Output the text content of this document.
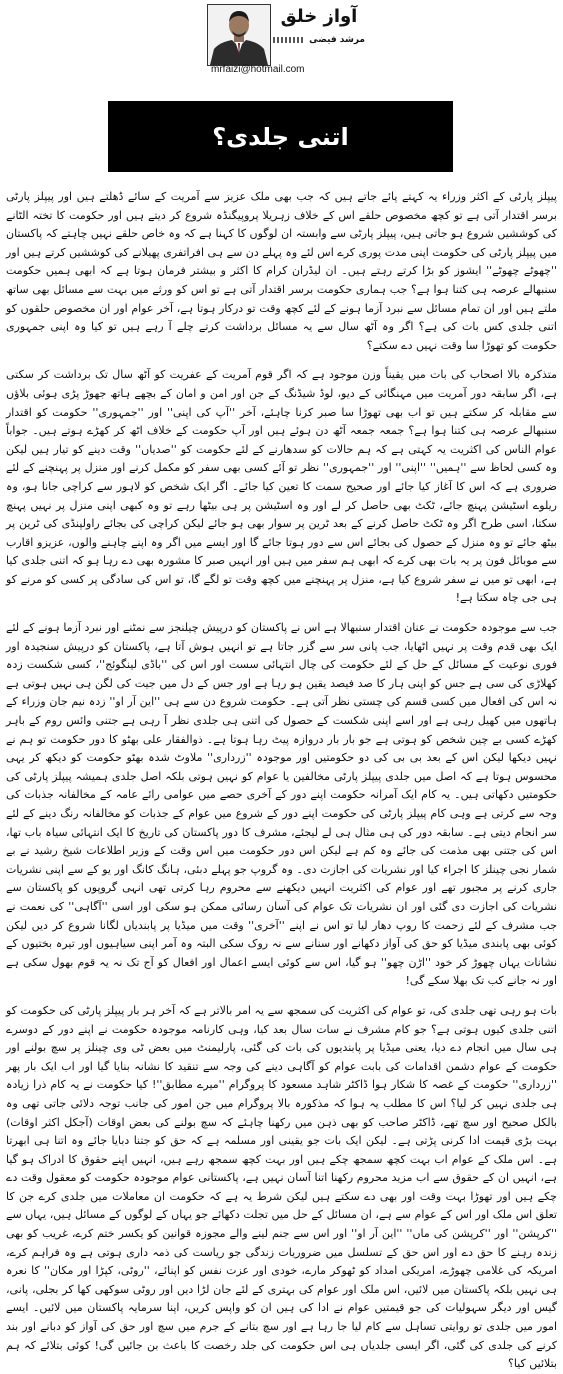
آواز خلق
مرشد فیضی
mrfaizi@hotmail.com
اتنی جلدی؟

پیپلز پارٹی کے اکثر وزراء یہ کہتے پائے جاتے ہیں کہ جب بھی ملک عزیز سے آمریت کے سائے ڈھلتے ہیں اور پیپلز پارٹی برسر اقتدار آتی ہے تو کچھ مخصوص حلقے اس کے خلاف زہریلا پروپیگنڈہ شروع کر دیتے ہیں اور حکومت کا تختہ الٹانے کی کوششیں شروع ہو جاتی ہیں، پیپلز پارٹی سے وابستہ ان لوگوں کا کہنا ہے کہ وہ خاص حلقے نہیں چاہتے کہ پاکستان میں پیپلز پارٹی کی حکومت اپنی مدت پوری کرے اس لئے وہ پہلے دن سے ہی افراتفری پھیلانے کی کوششیں کرتے ہیں اور ''چھوٹے چھوٹے'' ایشوز کو بڑا کرتے رہتے ہیں۔ ان لیڈران کرام کا اکثر و بیشتر فرمان ہوتا ہے کہ ابھی ہمیں حکومت سنبھالے عرصہ ہی کتنا ہوا ہے؟ جب ہماری حکومت برسر اقتدار آتی ہے تو اس کو ورثے میں بہت سے مسائل بھی ساتھ ملتے ہیں اور ان تمام مسائل سے نبرد آزما ہونے کے لئے کچھ وقت تو درکار ہوتا ہے، آخر عوام اور ان مخصوص حلقوں کو اتنی جلدی کس بات کی ہے؟ اگر وہ آٹھ سال سے یہ مسائل برداشت کرتے چلے آ رہے ہیں تو کیا وہ اپنی جمہوری حکومت کو تھوڑا سا وقت نہیں دے سکتے؟

متذکرہ بالا اصحاب کی بات میں یقیناً وزن موجود ہے کہ اگر قوم آمریت کے عفریت کو آٹھ سال تک برداشت کر سکتی ہے، اگر سابقہ دور آمریت میں مہنگائی کے دیو، لوڈ شیڈنگ کے جن اور امن و امان کے بچھے ہاتھ جھوڑ پڑی ہوئی بلاؤں سے مقابلہ کر سکتے ہیں تو اب بھی تھوڑا سا صبر کرنا چاہئے، آخر ''آپ کی اپنی'' اور ''جمہوری'' حکومت کو اقتدار سنبھالے عرصہ ہی کتنا ہوا ہے؟ جمعہ جمعہ آٹھ دن ہوئے ہیں اور آپ حکومت کے خلاف اٹھ کر کھڑے ہوتے ہیں۔ جواباً عوام الناس کی اکثریت یہ کہتی ہے کہ ہم حالات کو سدھارنے کے لئے حکومت کو ''صدیاں'' وقت دینے کو تیار ہیں لیکن وہ کسی لحاظ سے ''ہمیں'' ''اپنی'' اور ''جمہوری'' نظر تو آئے کسی بھی سفر کو مکمل کرنے اور منزل پر پہنچنے کے لئے ضروری ہے کہ اس کا آغاز کیا جائے اور صحیح سمت کا تعین کیا جائے۔ اگر ایک شخص کو لاہور سے کراچی جانا ہو، وہ ریلوے اسٹیشن پہنچ جائے، ٹکٹ بھی حاصل کر لے اور وہ اسٹیشن پر ہی بیٹھا رہے تو وہ کبھی اپنی منزل پر نہیں پہنچ سکتا، اسی طرح اگر وہ ٹکٹ حاصل کرنے کے بعد ٹرین پر سوار بھی ہو جائے لیکن کراچی کی بجائے راولپنڈی کی ٹرین پر بیٹھ جائے تو وہ منزل کے حصول کی بجائے اس سے دور ہوتا جائے گا اور ایسے میں اگر وہ اپنے چاہنے والوں، عزیزو اقارب سے موبائل فون پر یہ بات بھی کرے کہ ابھی ہم سفر میں ہیں اور انہیں صبر کا مشورہ بھی دے رہا ہو کہ اتنی جلدی کیا ہے، ابھی تو میں نے سفر شروع کیا ہے، منزل پر پہنچنے میں کچھ وقت تو لگے گا، تو اس کی سادگی پر کسی کو مرنے کو ہی جی چاہ سکتا ہے!

جب سے موجودہ حکومت نے عنان اقتدار سنبھالا ہے اس نے پاکستان کو درپیش چیلنجز سے نمٹنے اور نبرد آزما ہونے کے لئے ایک بھی قدم وقت پر نہیں اٹھایا، جب پانی سر سے گزر جاتا ہے تو انہیں ہوش آتا ہے، پاکستان کو درپیش سنجیدہ اور فوری نوعیت کے مسائل کے حل کے لئے حکومت کی چال انتہائی سست اور اس کی ''باڈی لینگوئج''، کسی شکست زدہ کھلاڑی کی سی ہے جس کو اپنی ہار کا صد فیصد یقین ہو رہا ہے اور جس کے دل میں جیت کی لگن ہی نہیں ہوتی ہے نہ اس کی افعال میں کسی قسم کی چستی نظر آتی ہے۔ حکومت شروع دن سے ہی ''این آر او'' زدہ نیم جان وزراء کے ہاتھوں میں کھیل رہی ہے اور اسے اپنی شکست کے حصول کی اتنی ہی جلدی نظر آ رہی ہے جتنی وائس روم کے باہر کھڑے کسی بے چین شخص کو ہوتی ہے جو بار بار دروازہ پیٹ رہا ہوتا ہے۔ ذوالفقار علی بھٹو کا دور حکومت تو ہم نے نہیں دیکھا لیکن اس کے بعد بی بی کی دو حکومتیں اور موجودہ ''زرداری'' ملاوٹ شدہ بھٹو حکومت کو دیکھ کر یہی محسوس ہوتا ہے کہ اصل میں جلدی پیپلز پارٹی مخالفین یا عوام کو نہیں ہوتی بلکہ اصل جلدی ہمیشہ پیپلز پارٹی کی حکومتیں دکھاتی ہیں۔ یہ کام ایک آمرانہ حکومت اپنے دور کے آخری حصے میں عوامی رائے عامہ کے مخالفانہ جذبات کی وجہ سے کرتی ہے وہی کام پیپلز پارٹی کی حکومت اپنے دور کے شروع میں عوام کے جذبات کو مخالفانہ رنگ دینے کے لئے سر انجام دیتی ہے۔ سابقہ دور کی ہی مثال ہی لے لیجئے، مشرف کا دور پاکستان کی تاریخ کا ایک انتہائی سیاہ باب تھا، اس کی جتنی بھی مذمت کی جائے وہ کم ہے لیکن اس دور حکومت میں اس وقت کے وزیر اطلاعات شیخ رشید نے بے شمار نجی چینلز کا اجراء کیا اور نشریات کی اجازت دی۔ وہ گروپ جو پہلے دبئی، ہانگ کانگ اور یو کے سے اپنی نشریات جاری کرنے پر مجبور تھے اور عوام کی اکثریت انہیں دیکھنے سے محروم رہا کرتی تھی انہی گروپوں کو پاکستان سے نشریات کی اجازت دی گئی اور ان نشریات تک عوام کی آسان رسائی ممکن ہو سکی اور اسی ''آگاہی'' کی نعمت نے جب مشرف کے لئے زحمت کا روپ دھار لیا تو اس نے اپنے ''آخری'' وقت میں میڈیا پر پابندیاں لگانا شروع کر دیں لیکن کوئی بھی پابندی میڈیا کو حق کی آواز دکھانے اور سنانے سے نہ روک سکی البتہ وہ آمر اپنی سیاہیوں اور تیرہ بختیوں کے نشانات یہاں چھوڑ کر خود ''اڑن چھو'' ہو گیا، اس سے کوئی ایسے اعمال اور افعال کو آج تک نہ یہ قوم بھول سکی ہے اور نہ جانے کب تک بھلا سکے گی!

بات ہو رہی تھی جلدی کی، تو عوام کی اکثریت کی سمجھ سے یہ امر بالاتر ہے کہ آخر ہر بار پیپلز پارٹی کی حکومت کو اتنی جلدی کیوں ہوتی ہے؟ جو کام مشرف نے سات سال بعد کیا، وہی کارنامہ موجودہ حکومت نے اپنے دور کے دوسرے ہی سال میں انجام دے دیا، یعنی میڈیا پر پابندیوں کی بات کی گئی، پارلیمنٹ میں بعض ٹی وی چینلز پر سچ بولنے اور حکومت کے عوام دشمن اقدامات کی بابت عوام کو آگاہی دینے کی وجہ سے تنقید کا نشانہ بنایا گیا اور اب ایک بار پھر ''زرداری'' حکومت کے غصہ کا شکار ہوا ڈاکٹر شاہد مسعود کا پروگرام ''میرے مطابق''! کیا حکومت نے یہ کام ذرا زیادہ ہی جلدی نہیں کر لیا؟ اس کا مطلب یہ ہوا کہ مذکورہ بالا پروگرام میں جن امور کی جانب توجہ دلائی جاتی تھی وہ بالکل صحیح اور سچ تھے، ڈاکٹر صاحب کو بھی ذہن میں رکھنا چاہئے کہ سچ بولنے کی بعض اوقات (آجکل اکثر اوقات) بہت بڑی قیمت ادا کرنی پڑتی ہے۔ لیکن ایک بات جو یقینی اور مسلمہ ہے کہ حق کو جتنا دبایا جائے وہ اتنا ہی ابھرتا ہے۔ اس ملک کے عوام اب بہت کچھ سمجھ چکے ہیں اور بہت کچھ سمجھ رہے ہیں، انہیں اپنے حقوق کا ادراک ہو گیا ہے، انہیں ان کے حقوق سے اب مزید محروم رکھنا اتنا آسان نہیں ہے، پاکستانی عوام موجودہ حکومت کو معقول وقت دے چکے ہیں اور تھوڑا بہت وقت اور بھی دے سکتے ہیں لیکن شرط یہ ہے کہ حکومت ان معاملات میں جلدی کرے جن کا تعلق اس ملک اور اس کے عوام سے ہے، ان مسائل کے حل میں تجلت دکھائے جو یہاں کے لوگوں کے مسائل ہیں، یہاں سے ''کرپشن'' اور ''کرپشن کی ماں'' ''این آر او'' اور اس سے جنم لینے والے مجوزہ قوانین کو یکسر ختم کرے، غریب کو بھی زندہ رہنے کا حق دے اور اس حق کے تسلسل میں ضروریات زندگی جو ریاست کی ذمہ داری ہوتی ہے وہ فراہم کرے، امریکہ کی غلامی چھوڑے، امریکی امداد کو ٹھوکر مارے، خودی اور عزت نفس کو اپنائے، ''روٹی، کپڑا اور مکان'' کا نعرہ ہی نہیں بلکہ پاکستان میں لائیں، اس ملک اور عوام کی بہتری کے لئے جان لڑا دیں اور روٹی سوکھی کھا کر بجلی، پانی، گیس اور دیگر سہولیات کی جو قیمتیں عوام نے ادا کی ہیں ان کو واپس کریں، اپنا سرمایہ پاکستان میں لائیں۔ ایسے امور میں جلدی تو روایتی تساہل سے کام لیا جا رہا ہے اور سچ بتانے کے جرم میں سچ اور حق کی آواز کو دبانے اور بند کرنے کی جلدی کی گئی، اگر ایسی جلدیاں ہی اس حکومت کی جلد رخصت کا باعث بن جائیں گی! کوئی بتلائے کہ ہم بتلائیں کیا؟
